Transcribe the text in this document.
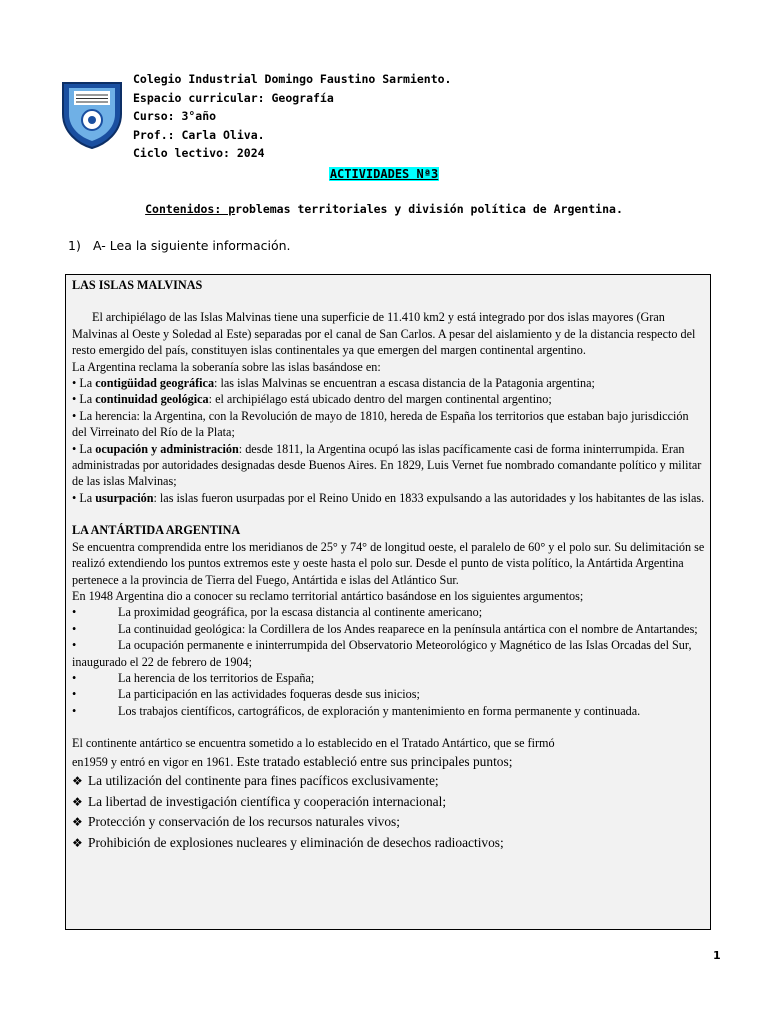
Colegio Industrial Domingo Faustino Sarmiento.
Espacio curricular: Geografía
Curso: 3°año
Prof.: Carla Oliva.
Ciclo lectivo: 2024
ACTIVIDADES Nª3
Contenidos: problemas territoriales y división política de Argentina.
1) A- Lea la siguiente información.

LAS ISLAS MALVINAS

El archipiélago de las Islas Malvinas tiene una superficie de 11.410 km2 y está integrado por dos islas mayores (Gran Malvinas al Oeste y Soledad al Este) separadas por el canal de San Carlos. A pesar del aislamiento y de la distancia respecto del resto emergido del país, constituyen islas continentales ya que emergen del margen continental argentino.

La Argentina reclama la soberanía sobre las islas basándose en:

• La contigüidad geográfica: las islas Malvinas se encuentran a escasa distancia de la Patagonia argentina;

• La continuidad geológica: el archipiélago está ubicado dentro del margen continental argentino;

• La herencia: la Argentina, con la Revolución de mayo de 1810, hereda de España los territorios que estaban bajo jurisdicción del Virreinato del Río de la Plata;

• La ocupación y administración: desde 1811, la Argentina ocupó las islas pacíficamente casi de forma ininterrumpida. Eran administradas por autoridades designadas desde Buenos Aires. En 1829, Luis Vernet fue nombrado comandante político y militar de las islas Malvinas;

• La usurpación: las islas fueron usurpadas por el Reino Unido en 1833 expulsando a las autoridades y los habitantes de las islas.

LA ANTÁRTIDA ARGENTINA

Se encuentra comprendida entre los meridianos de 25° y 74° de longitud oeste, el paralelo de 60° y el polo sur. Su delimitación se realizó extendiendo los puntos extremos este y oeste hasta el polo sur. Desde el punto de vista político, la Antártida Argentina pertenece a la provincia de Tierra del Fuego, Antártida e islas del Atlántico Sur.

En 1948 Argentina dio a conocer su reclamo territorial antártico basándose en los siguientes argumentos;

•	La proximidad geográfica, por la escasa distancia al continente americano;

•	La continuidad geológica: la Cordillera de los Andes reaparece en la península antártica con el nombre de Antartandes;

•	La ocupación permanente e ininterrumpida del Observatorio Meteorológico y Magnético de las Islas Orcadas del Sur, inaugurado el 22 de febrero de 1904;

•	La herencia de los territorios de España;

•	La participación en las actividades foqueras desde sus inicios;

•	Los trabajos científicos, cartográficos, de exploración y mantenimiento en forma permanente y continuada.

El continente antártico se encuentra sometido a lo establecido en el Tratado Antártico, que se firmó

en1959 y entró en vigor en 1961. Este tratado estableció entre sus principales puntos;

❖ La utilización del continente para fines pacíficos exclusivamente;

❖ La libertad de investigación científica y cooperación internacional;

❖ Protección y conservación de los recursos naturales vivos;

❖ Prohibición de explosiones nucleares y eliminación de desechos radioactivos;

1
